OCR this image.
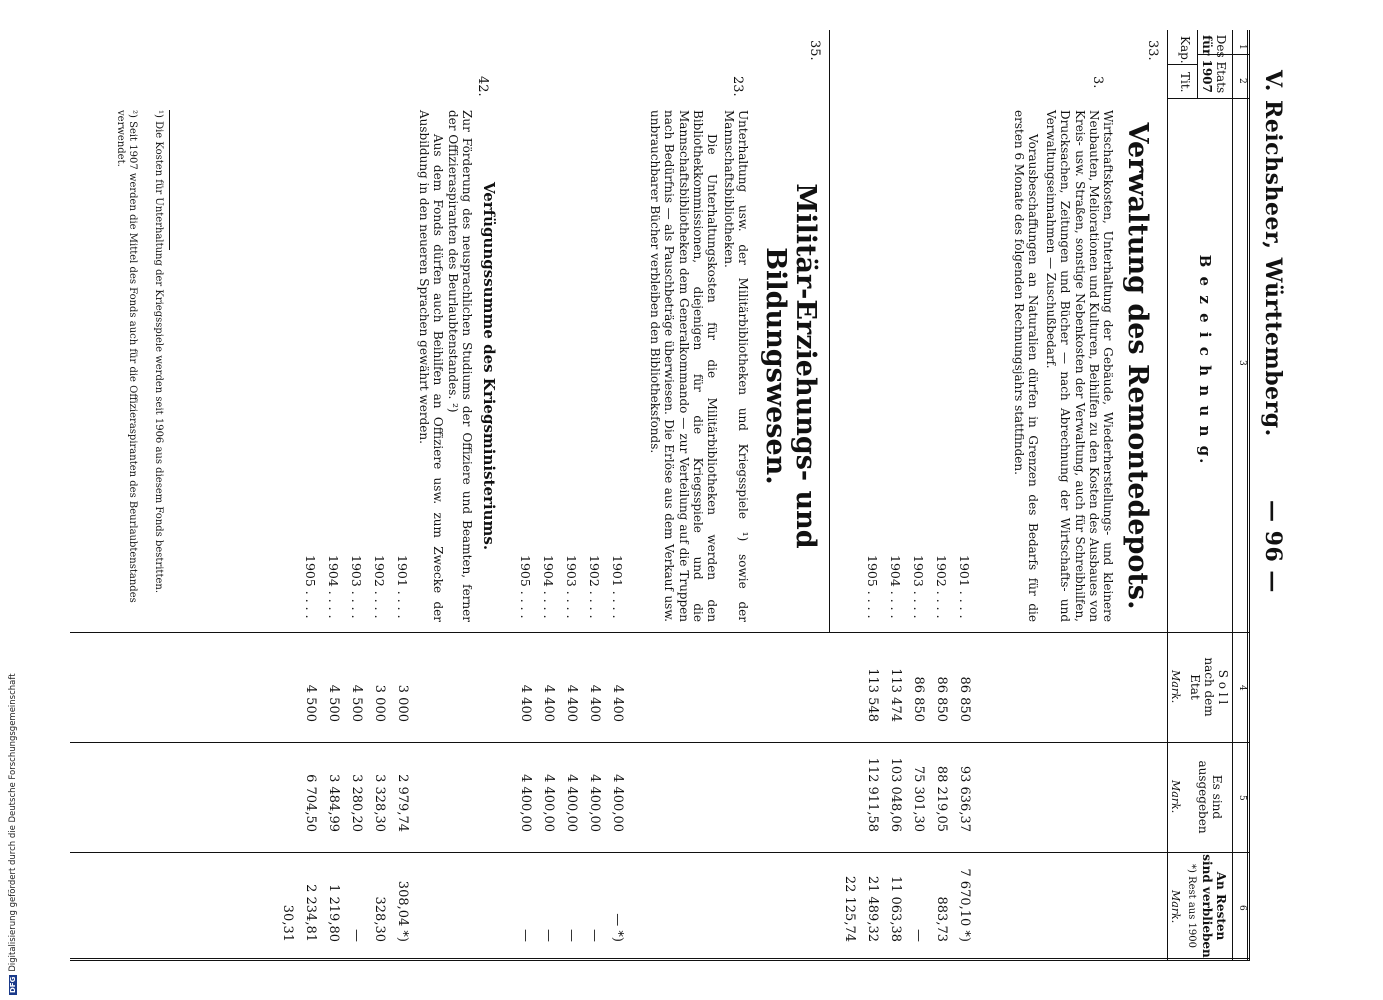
DFGDigitalisierung gefördert durch die Deutsche Forschungsgemeinschaft
V. Reichsheer, Württemberg.
— 96 —
1
2
3
4
5
6
Des Etats
für 1907
Kap.
Tit.
B e z e i c h n u n g.
S o l l
nach dem
Etat
Es sind
ausgegeben
An Resten
sind verblieben
*) Rest aus 1900
Mark.
Mark.
Mark.
33.
3.
Verwaltung des Remontedepots.
Wirtschaftskosten, Unterhaltung der Gebäude, Wiederherstellungs- und kleinere Neubauten, Meliorationen und Kulturen, Beihilfen zu den Kosten des Ausbaues von Kreis- usw. Straßen, sonstige Nebenkosten der Verwaltung, auch für Schreibhilfen, Drucksachen, Zeitungen und Bücher — nach Abrechnung der Wirtschafts- und Verwaltungseinnahmen — Zuschußbedarf.
Vorausbeschaffungen an Naturalien dürfen in Grenzen des Bedarfs für die ersten 6 Monate des folgenden Rechnungsjahrs stattfinden.
1901 . . . .
86 850
93 636,37
7 670,10 *)
1902 . . . .
86 850
88 219,05
883,73
1903 . . . .
86 850
75 301,30
—
1904 . . . .
113 474
103 048,06
11 063,38
1905 . . . .
113 548
112 911,58
21 489,32
22 125,74
35.
23.
Militär-Erziehungs- und Bildungswesen.
Unterhaltung usw. der Militärbibliotheken und Kriegsspiele ¹) sowie der Mannschaftsbibliotheken.
Die Unterhaltungskosten für die Militärbibliotheken werden den Bibliothekkommissionen, diejenigen für die Kriegsspiele und die Mannschaftsbibliotheken dem Generalkommando — zur Verteilung auf die Truppen nach Bedürfnis — als Pauschbeträge überwiesen. Die Erlöse aus dem Verkauf usw. unbrauchbarer Bücher verbleiben den Bibliotheksfonds.
1901 . . . .
4 400
4 400,00
— *)
1902 . . . .
4 400
4 400,00
—
1903 . . . .
4 400
4 400,00
—
1904 . . . .
4 400
4 400,00
—
1905 . . . .
4 400
4 400,00
—
42.
Verfügungssumme des Kriegsministeriums.
Zur Förderung des neusprachlichen Studiums der Offiziere und Beamten, ferner der Offizieraspiranten des Beurlaubtenstandes. ²)
Aus dem Fonds dürfen auch Beihilfen an Offiziere usw. zum Zwecke der Ausbildung in den neueren Sprachen gewährt werden.
1901 . . . .
3 000
2 979,74
308,04 *)
1902 . . . .
3 000
3 328,30
328,30
1903 . . . .
4 500
3 280,20
—
1904 . . . .
4 500
3 484,99
1 219,80
1905 . . . .
4 500
6 704,50
2 234,81
30,31
¹) Die Kosten für Unterhaltung der Kriegsspiele werden seit 1906 aus diesem Fonds bestritten.
²) Seit 1907 werden die Mittel des Fonds auch für die Offizieraspiranten des Beurlaubtenstandes verwendet.
